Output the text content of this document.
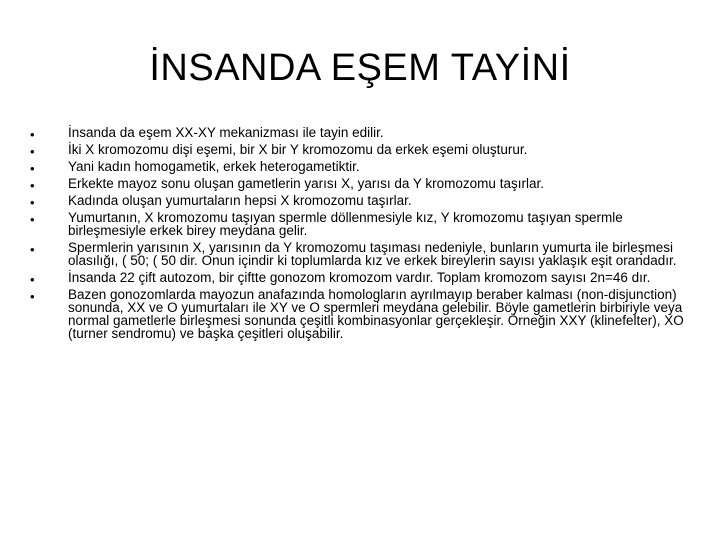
İNSANDA EŞEM TAYİNİ
•	İnsanda da eşem XX-XY mekanizması ile tayin edilir.
•	İki X kromozomu dişi eşemi, bir X bir Y kromozomu da erkek eşemi oluşturur.
•	Yani kadın homogametik, erkek heterogametiktir.
•	Erkekte mayoz sonu oluşan gametlerin yarısı X, yarısı da Y kromozomu taşırlar.
•	Kadında oluşan yumurtaların hepsi X kromozomu taşırlar.
•	Yumurtanın, X kromozomu taşıyan spermle döllenmesiyle kız, Y kromozomu taşıyan spermle birleşmesiyle erkek birey meydana gelir.
•	Spermlerin yarısının X, yarısının da Y kromozomu taşıması nedeniyle, bunların yumurta ile birleşmesi olasılığı, ( 50; ( 50 dir. Onun içindir ki toplumlarda kız ve erkek bireylerin sayısı yaklaşık eşit orandadır.
•	İnsanda 22 çift autozom, bir çiftte gonozom kromozom vardır. Toplam kromozom sayısı 2n=46 dır.
•	Bazen gonozomlarda mayozun anafazında homologların ayrılmayıp beraber kalması (non-disjunction) sonunda, XX ve O yumurtaları ile XY ve O spermleri meydana gelebilir. Böyle gametlerin birbiriyle veya normal gametlerle birleşmesi sonunda çeşitli kombinasyonlar gerçekleşir. Örneğin XXY (klinefelter), XO (turner sendromu) ve başka çeşitleri oluşabilir.
